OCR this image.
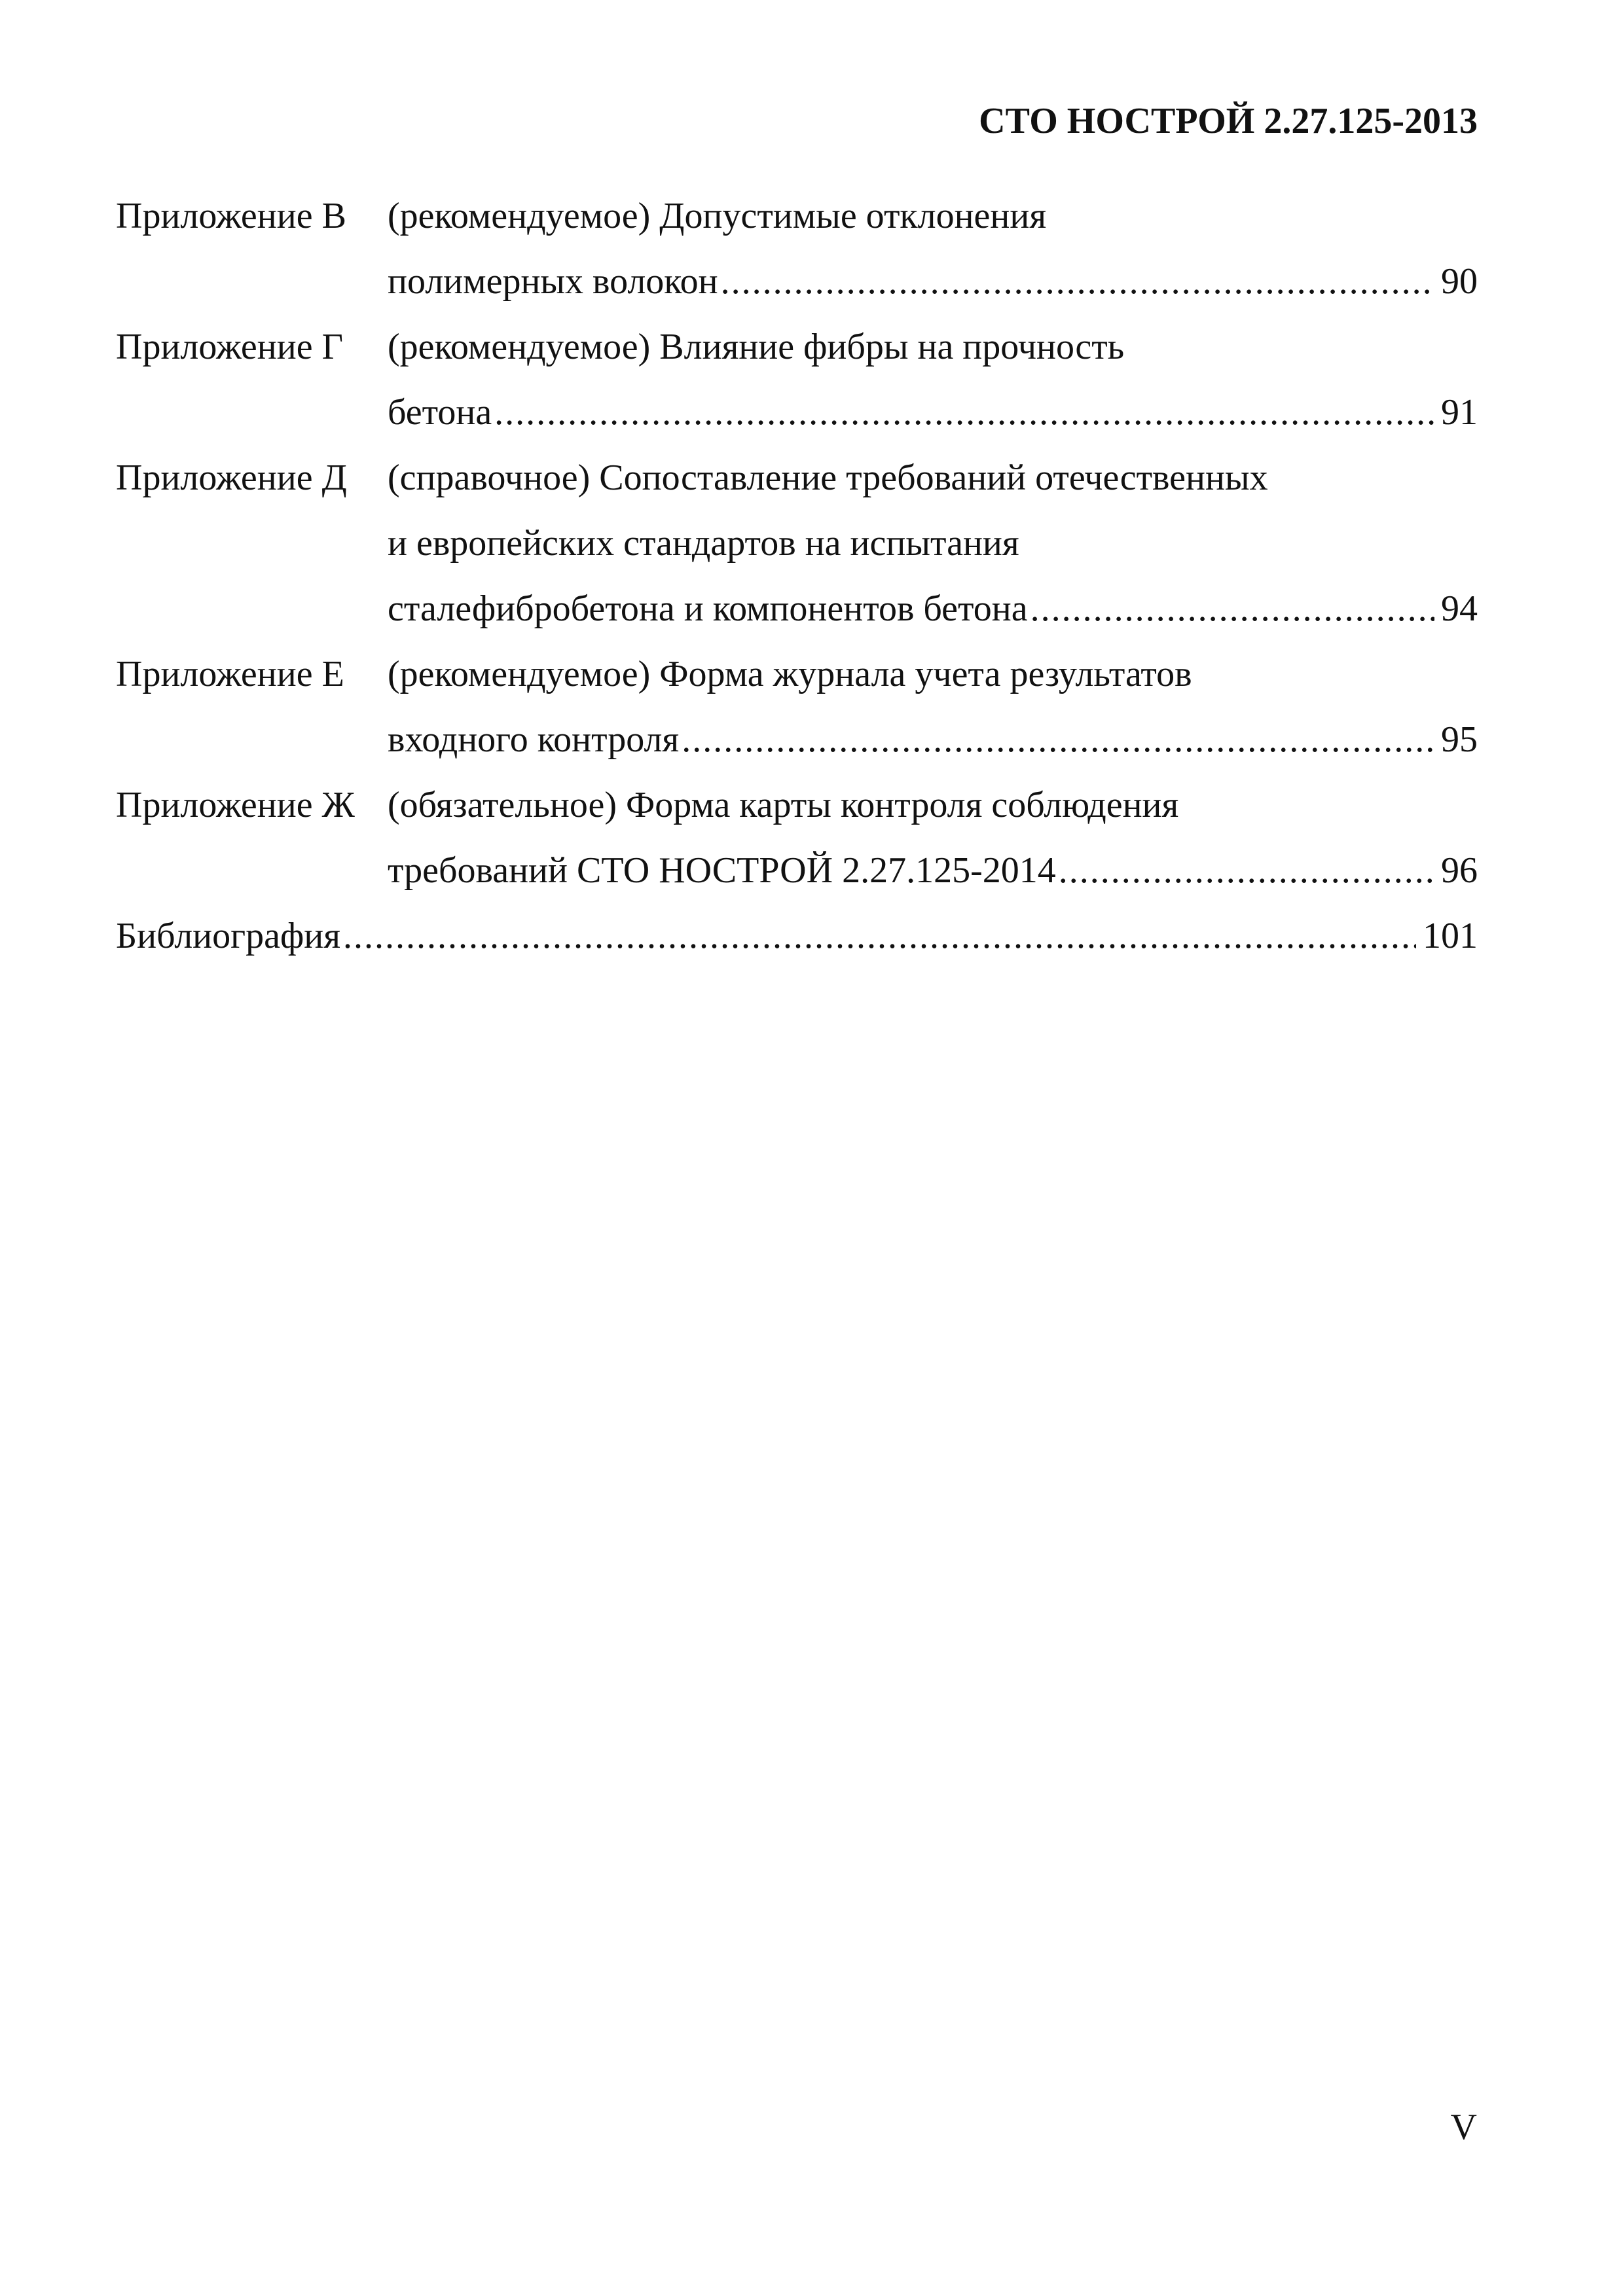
СТО НОСТРОЙ 2.27.125-2013
Приложение В	(рекомендуемое) Допустимые отклонения
полимерных волокон .....	90
Приложение Г	(рекомендуемое) Влияние фибры на прочность
бетона .....	91
Приложение Д	(справочное) Сопоставление требований отечественных
и европейских стандартов на испытания
сталефибробетона и компонентов бетона .....	94
Приложение Е	(рекомендуемое) Форма журнала учета результатов
входного контроля .....	95
Приложение Ж (обязательное) Форма карты контроля соблюдения
требований СТО НОСТРОЙ 2.27.125-2014 .....	96
Библиография .....	101
V
